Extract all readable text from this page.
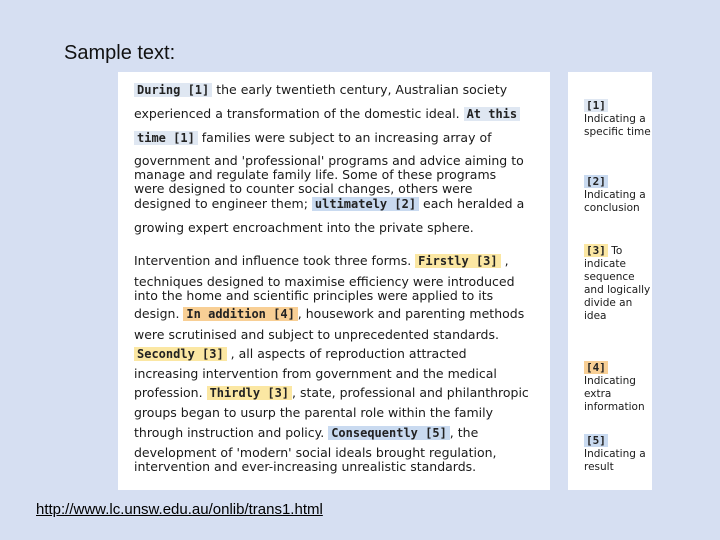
Sample text:
During [1] the early twentieth century, Australian society
experienced a transformation of the domestic ideal. At this
time [1] families were subject to an increasing array of
government and 'professional' programs and advice aiming to
manage and regulate family life. Some of these programs
were designed to counter social changes, others were
designed to engineer them; ultimately [2] each heralded a
growing expert encroachment into the private sphere.
Intervention and influence took three forms. Firstly [3] ,
techniques designed to maximise efficiency were introduced
into the home and scientific principles were applied to its
design. In addition [4] , housework and parenting methods
were scrutinised and subject to unprecedented standards.
Secondly [3] , all aspects of reproduction attracted
increasing intervention from government and the medical
profession. Thirdly [3] , state, professional and philanthropic
groups began to usurp the parental role within the family
through instruction and policy. Consequently [5] , the
development of 'modern' social ideals brought regulation,
intervention and ever-increasing unrealistic standards.
[1]
Indicating a specific time
[2]
Indicating a conclusion
[3] To indicate sequence and logically divide an idea
[4]
Indicating extra information
[5]
Indicating a result
http://www.lc.unsw.edu.au/onlib/trans1.html
